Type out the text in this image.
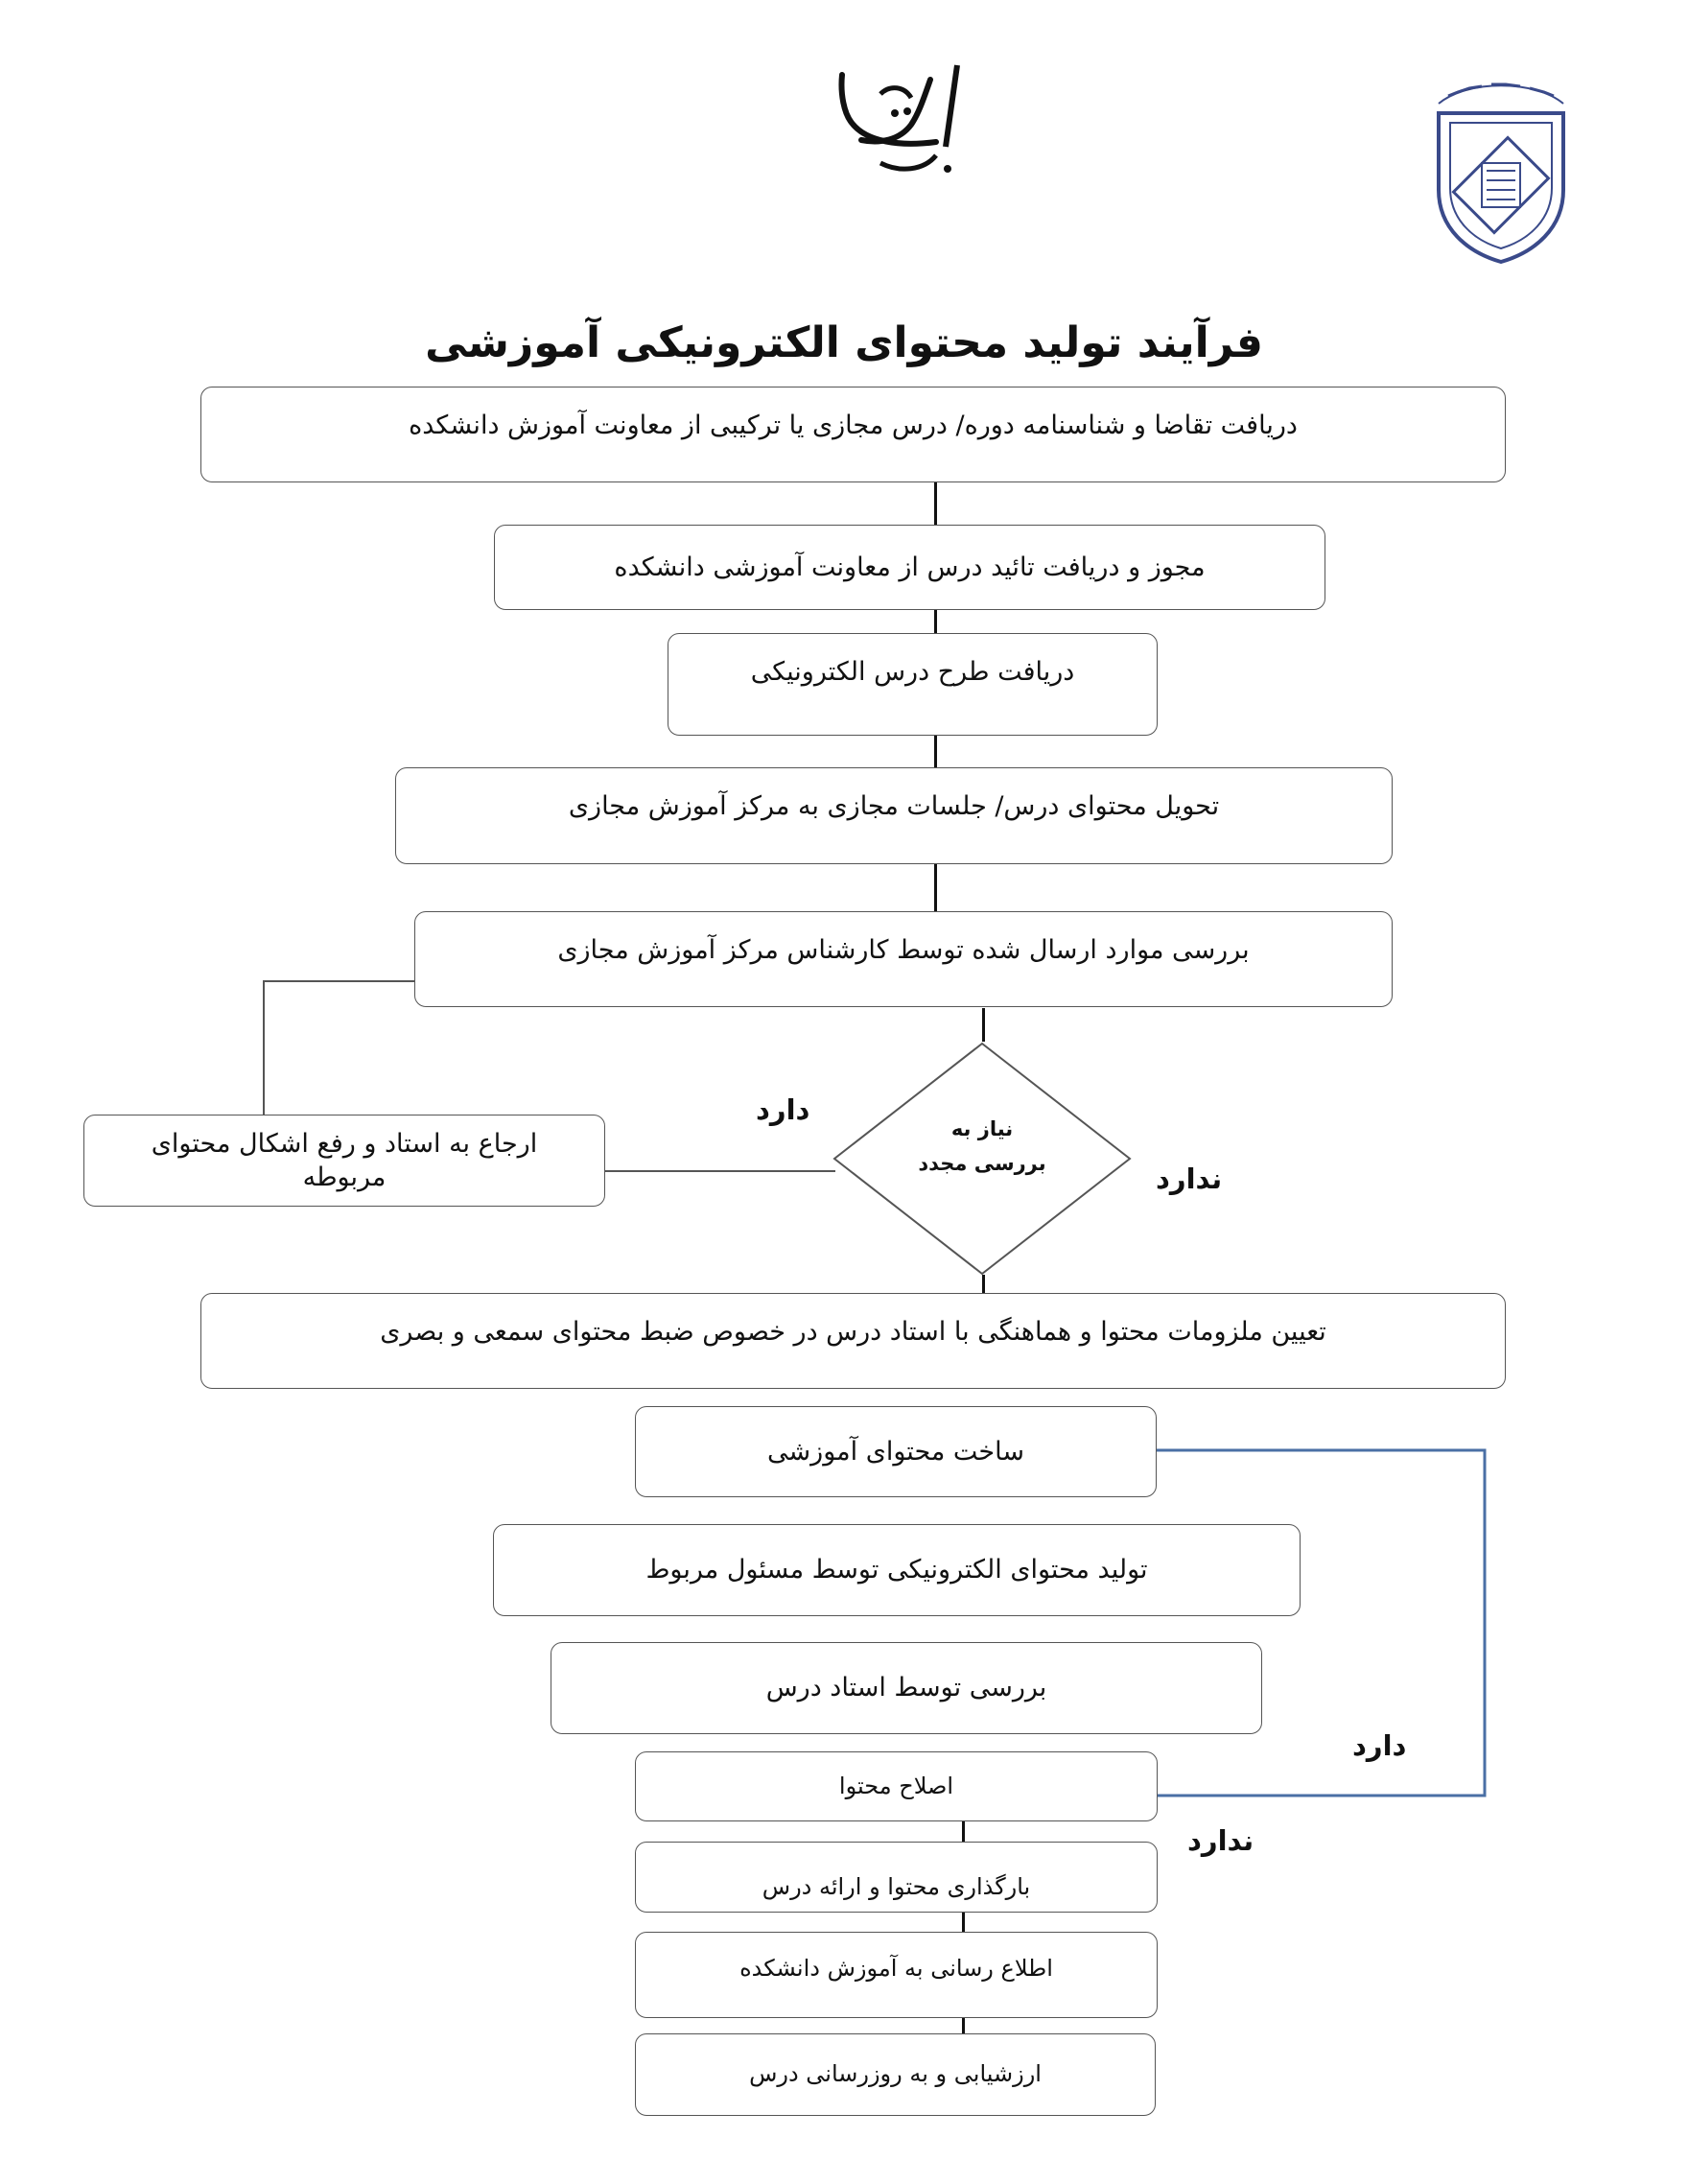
فرآیند تولید محتوای الکترونیکی آموزشی
نیاز به
بررسی مجدد
دریافت تقاضا و شناسنامه دوره/ درس مجازی یا ترکیبی از معاونت آموزش دانشکده
مجوز و دریافت تائید درس از معاونت آموزشی دانشکده
دریافت طرح درس الکترونیکی
تحویل محتوای درس/ جلسات مجازی به مرکز آموزش مجازی
بررسی موارد ارسال شده توسط کارشناس مرکز آموزش مجازی
ارجاع به استاد و رفع اشکال محتوای مربوطه
تعیین ملزومات محتوا و هماهنگی با استاد درس در خصوص ضبط محتوای سمعی و بصری
ساخت محتوای آموزشی
تولید محتوای الکترونیکی توسط مسئول مربوط
بررسی توسط استاد درس
اصلاح محتوا
بارگذاری محتوا و ارائه درس
اطلاع رسانی به آموزش دانشکده
ارزشیابی و به روزرسانی درس
دارد
ندارد
دارد
ندارد
